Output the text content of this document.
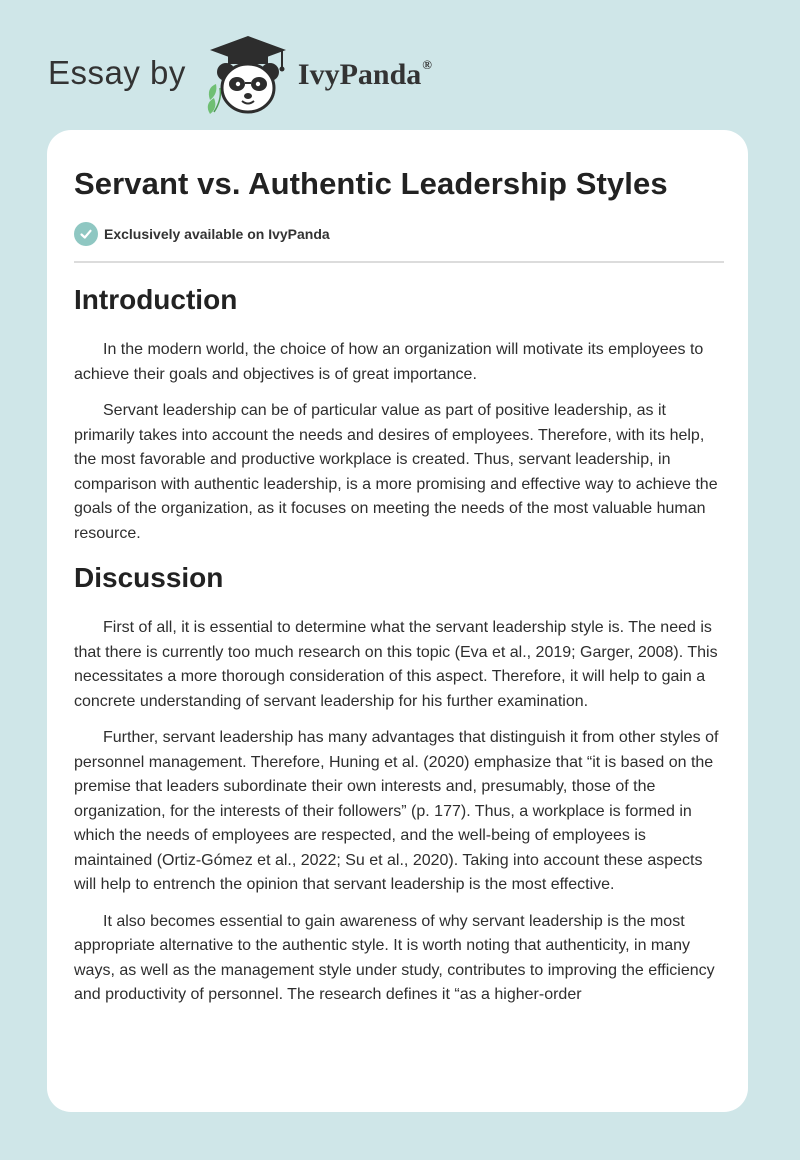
Essay by	IvyPanda®
Servant vs. Authentic Leadership Styles
Exclusively available on IvyPanda
Introduction

In the modern world, the choice of how an organization will motivate its employees to achieve their goals and objectives is of great importance.

Servant leadership can be of particular value as part of positive leadership, as it primarily takes into account the needs and desires of employees. Therefore, with its help, the most favorable and productive workplace is created. Thus, servant leadership, in comparison with authentic leadership, is a more promising and effective way to achieve the goals of the organization, as it focuses on meeting the needs of the most valuable human resource.

Discussion

First of all, it is essential to determine what the servant leadership style is. The need is that there is currently too much research on this topic (Eva et al., 2019; Garger, 2008). This necessitates a more thorough consideration of this aspect. Therefore, it will help to gain a concrete understanding of servant leadership for his further examination.

Further, servant leadership has many advantages that distinguish it from other styles of personnel management. Therefore, Huning et al. (2020) emphasize that “it is based on the premise that leaders subordinate their own interests and, presumably, those of the organization, for the interests of their followers” (p. 177). Thus, a workplace is formed in which the needs of employees are respected, and the well-being of employees is maintained (Ortiz-Gómez et al., 2022; Su et al., 2020). Taking into account these aspects will help to entrench the opinion that servant leadership is the most effective.

It also becomes essential to gain awareness of why servant leadership is the most appropriate alternative to the authentic style. It is worth noting that authenticity, in many ways, as well as the management style under study, contributes to improving the efficiency and productivity of personnel. The research defines it “as a higher-order
